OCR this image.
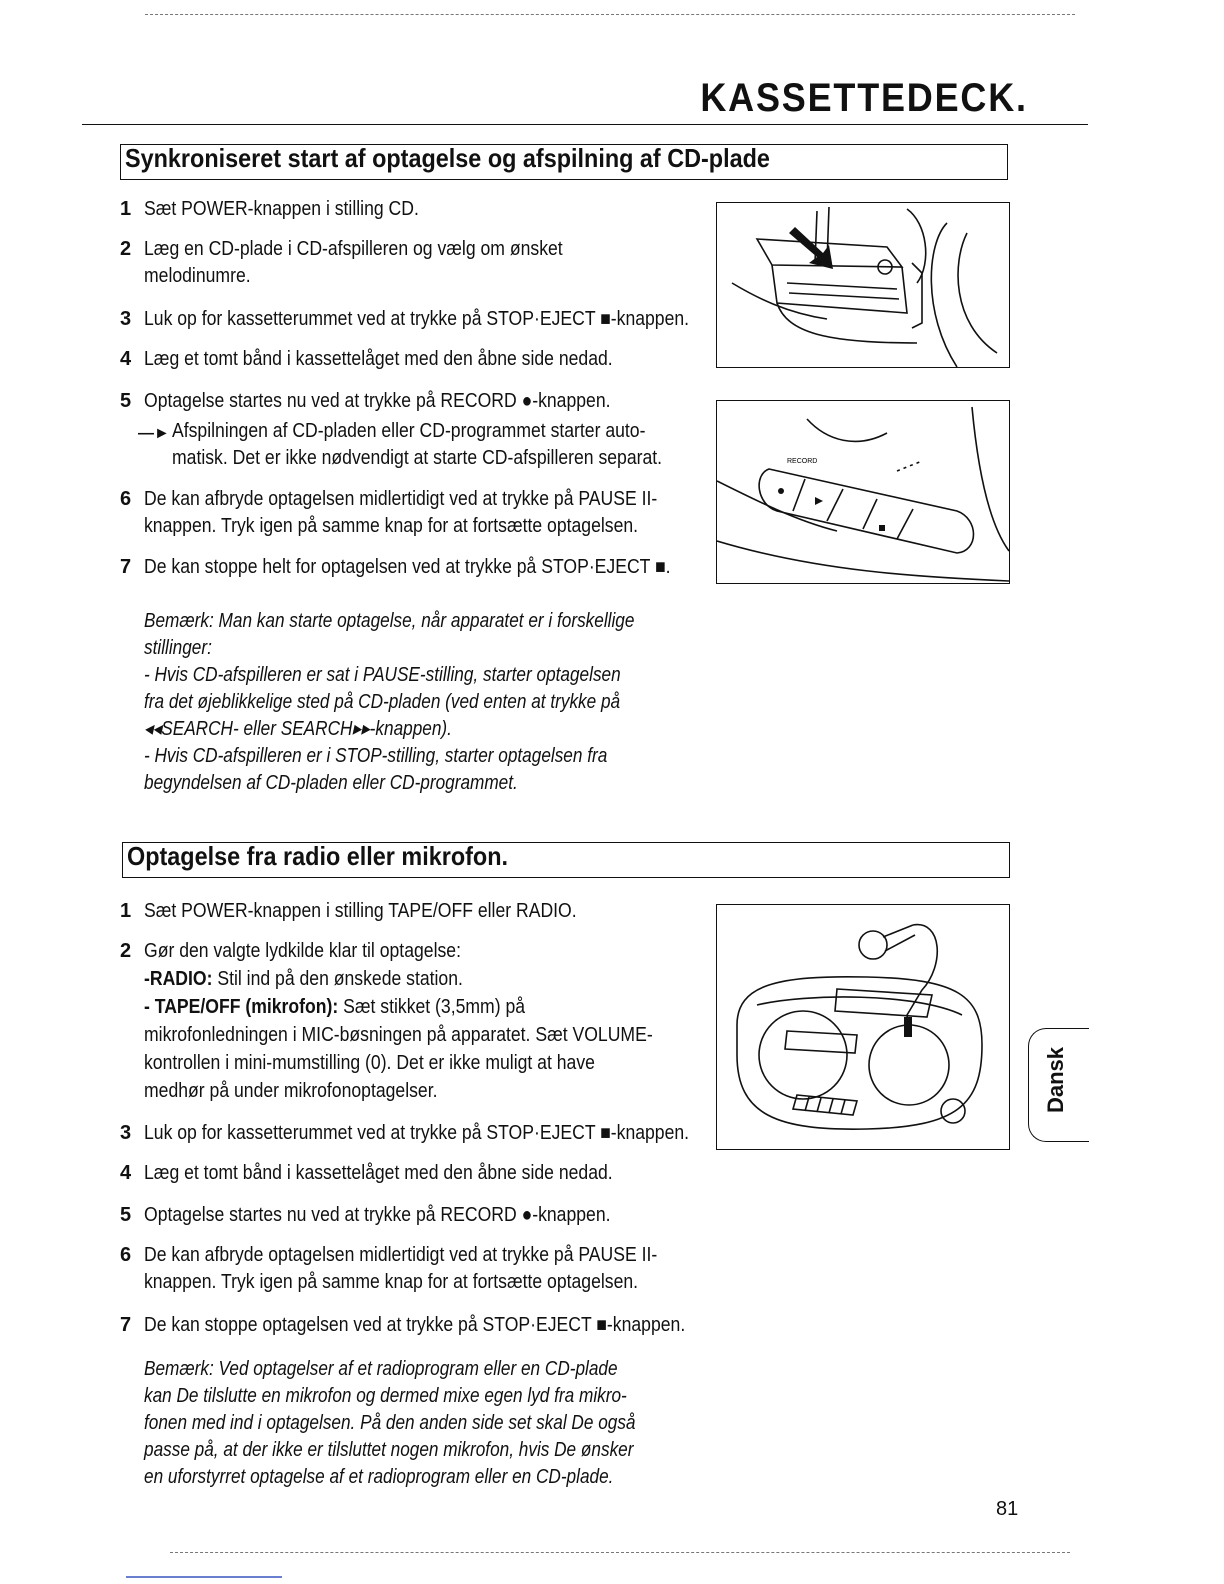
KASSETTEDECK.
Synkroniseret start af optagelse og afspilning af CD-plade
1 Sæt POWER-knappen i stilling CD.
2 Læg en CD-plade i CD-afspilleren og vælg om ønsket
melodinumre.
3 Luk op for kassetterummet ved at trykke på STOP·EJECT ■-knappen.
4 Læg et tomt bånd i kassettelåget med den åbne side nedad.
5 Optagelse startes nu ved at trykke på RECORD ●-knappen.
—► Afspilningen af CD-pladen eller CD-programmet starter auto-
matisk. Det er ikke nødvendigt at starte CD-afspilleren separat.
6 De kan afbryde optagelsen midlertidigt ved at trykke på PAUSE II-
knappen. Tryk igen på samme knap for at fortsætte optagelsen.
7 De kan stoppe helt for optagelsen ved at trykke på STOP·EJECT ■.
Bemærk: Man kan starte optagelse, når apparatet er i forskellige
stillinger:
- Hvis CD-afspilleren er sat i PAUSE-stilling, starter optagelsen
fra det øjeblikkelige sted på CD-pladen (ved enten at trykke på
◂◂SEARCH- eller SEARCH▸▸-knappen).
- Hvis CD-afspilleren er i STOP-stilling, starter optagelsen fra
begyndelsen af CD-pladen eller CD-programmet.
RECORD
Optagelse fra radio eller mikrofon.
1 Sæt POWER-knappen i stilling TAPE/OFF eller RADIO.
2 Gør den valgte lydkilde klar til optagelse:
-RADIO: Stil ind på den ønskede station.
- TAPE/OFF (mikrofon): Sæt stikket (3,5mm) på
mikrofonledningen i MIC-bøsningen på apparatet. Sæt VOLUME-
kontrollen i mini-mumstilling (0). Det er ikke muligt at have
medhør på under mikrofonoptagelser.
3 Luk op for kassetterummet ved at trykke på STOP·EJECT ■-knappen.
4 Læg et tomt bånd i kassettelåget med den åbne side nedad.
5 Optagelse startes nu ved at trykke på RECORD ●-knappen.
6 De kan afbryde optagelsen midlertidigt ved at trykke på PAUSE II-
knappen. Tryk igen på samme knap for at fortsætte optagelsen.
7 De kan stoppe optagelsen ved at trykke på STOP·EJECT ■-knappen.
Bemærk: Ved optagelser af et radioprogram eller en CD-plade
kan De tilslutte en mikrofon og dermed mixe egen lyd fra mikro-
fonen med ind i optagelsen. På den anden side set skal De også
passe på, at der ikke er tilsluttet nogen mikrofon, hvis De ønsker
en uforstyrret optagelse af et radioprogram eller en CD-plade.
Dansk
81
